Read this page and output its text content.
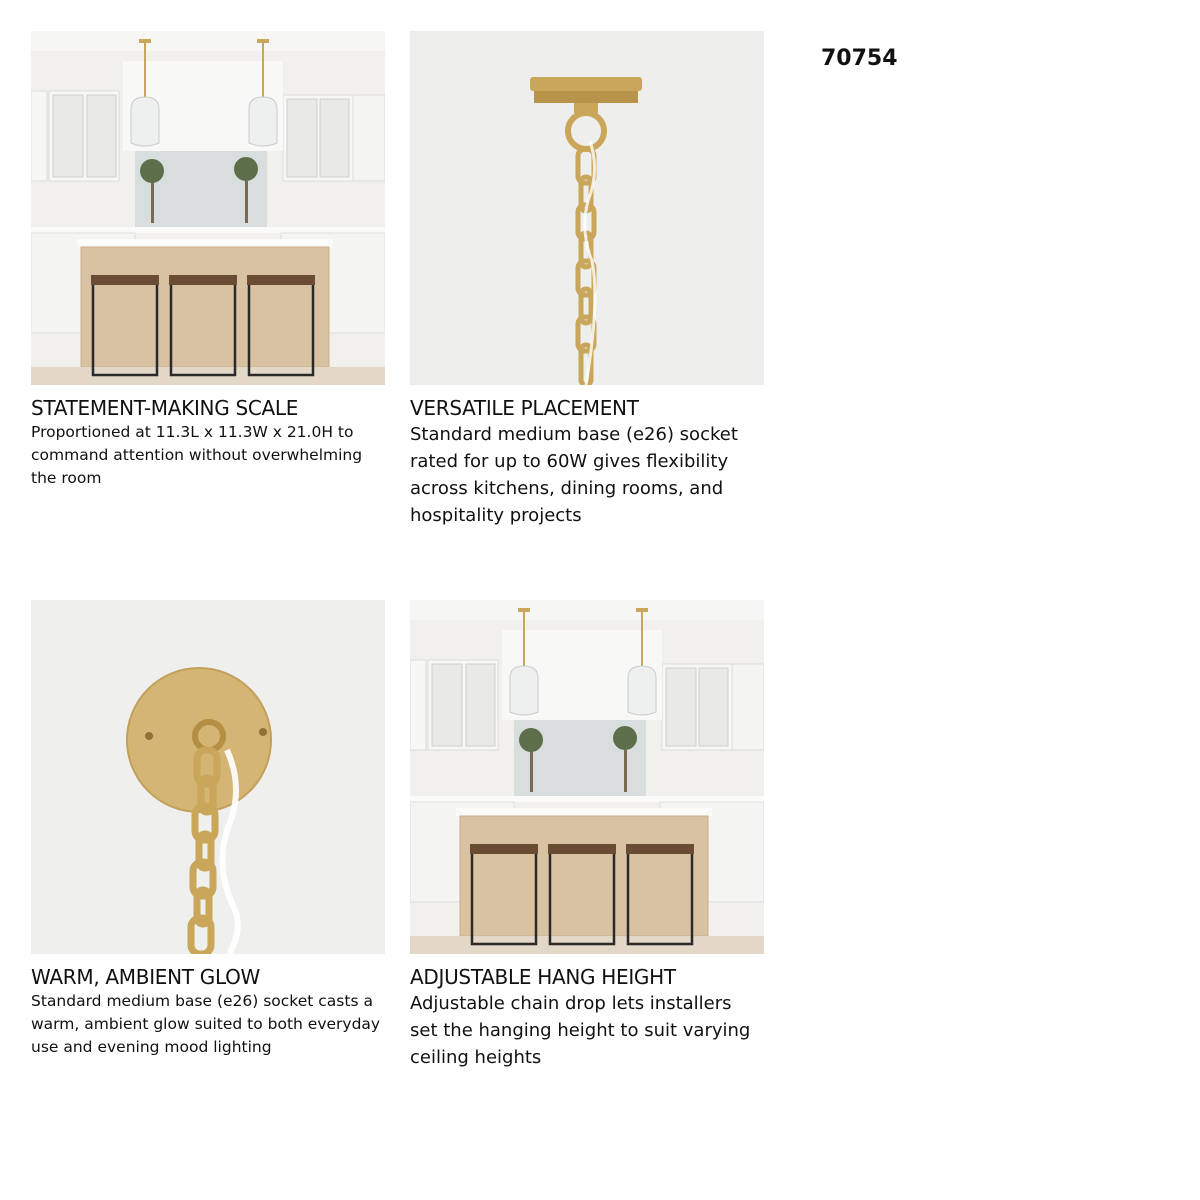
70754
STATEMENT-MAKING SCALE
Proportioned at 11.3L x 11.3W x 21.0H to command attention without overwhelming the room
VERSATILE PLACEMENT
Standard medium base (e26) socket rated for up to 60W gives flexibility across kitchens, dining rooms, and hospitality projects
WARM, AMBIENT GLOW
Standard medium base (e26) socket casts a warm, ambient glow suited to both everyday use and evening mood lighting
ADJUSTABLE HANG HEIGHT
Adjustable chain drop lets installers set the hanging height to suit varying ceiling heights
